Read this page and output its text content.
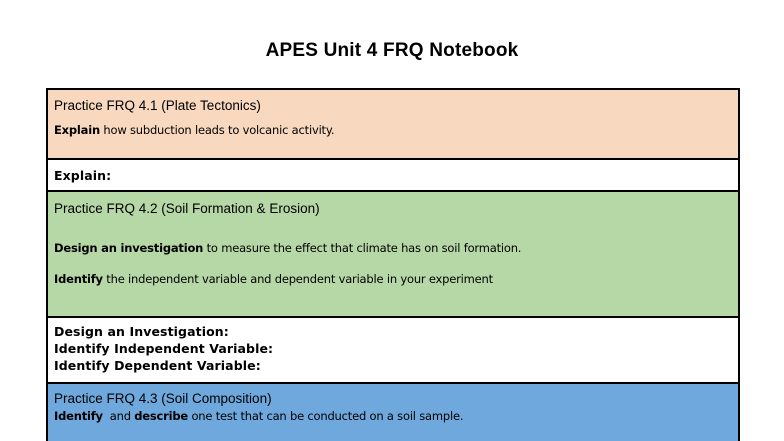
APES Unit 4 FRQ Notebook
Practice FRQ 4.1 (Plate Tectonics)
Explain how subduction leads to volcanic activity.
Explain:
Practice FRQ 4.2 (Soil Formation & Erosion)
Design an investigation to measure the effect that climate has on soil formation.
Identify the independent variable and dependent variable in your experiment
Design an Investigation:
Identify Independent Variable:
Identify Dependent Variable:
Practice FRQ 4.3 (Soil Composition)
Identify  and describe one test that can be conducted on a soil sample.
